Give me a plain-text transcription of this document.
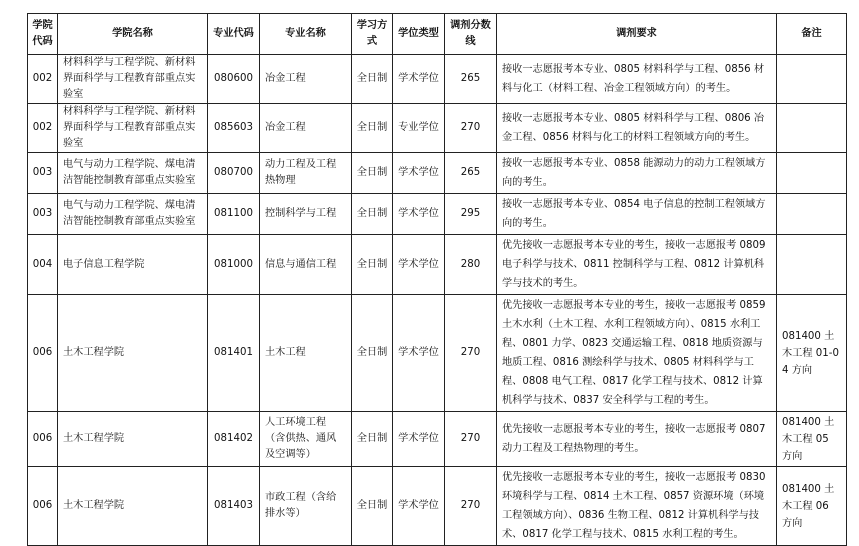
学院代码	学院名称	专业代码	专业名称	学习方式	学位类型	调剂分数线	调剂要求	备注
002	材料科学与工程学院、新材料界面科学与工程教育部重点实验室	080600	冶金工程	全日制	学术学位	265	接收一志愿报考本专业、0805 材料科学与工程、0856 材料与化工（材料工程、冶金工程领域方向）的考生。	
002	材料科学与工程学院、新材料界面科学与工程教育部重点实验室	085603	冶金工程	全日制	专业学位	270	接收一志愿报考本专业、0805 材料科学与工程、0806 冶金工程、0856 材料与化工的材料工程领域方向的考生。	
003	电气与动力工程学院、煤电清洁智能控制教育部重点实验室	080700	动力工程及工程热物理	全日制	学术学位	265	接收一志愿报考本专业、0858 能源动力的动力工程领域方向的考生。	
003	电气与动力工程学院、煤电清洁智能控制教育部重点实验室	081100	控制科学与工程	全日制	学术学位	295	接收一志愿报考本专业、0854 电子信息的控制工程领域方向的考生。	
004	电子信息工程学院	081000	信息与通信工程	全日制	学术学位	280	优先接收一志愿报考本专业的考生，接收一志愿报考 0809 电子科学与技术、0811 控制科学与工程、0812 计算机科学与技术的考生。	
006	土木工程学院	081401	土木工程	全日制	学术学位	270	优先接收一志愿报考本专业的考生，接收一志愿报考 0859 土木水利（土木工程、水利工程领域方向）、0815 水利工程、0801 力学、0823 交通运输工程、0818 地质资源与地质工程、0816 测绘科学与技术、0805 材料科学与工程、0808 电气工程、0817 化学工程与技术、0812 计算机科学与技术、0837 安全科学与工程的考生。	081400 土木工程 01-04 方向
006	土木工程学院	081402	人工环境工程（含供热、通风及空调等）	全日制	学术学位	270	优先接收一志愿报考本专业的考生，接收一志愿报考 0807 动力工程及工程热物理的考生。	081400 土木工程 05 方向
006	土木工程学院	081403	市政工程（含给排水等）	全日制	学术学位	270	优先接收一志愿报考本专业的考生，接收一志愿报考 0830 环境科学与工程、0814 土木工程、0857 资源环境（环境工程领域方向）、0836 生物工程、0812 计算机科学与技术、0817 化学工程与技术、0815 水利工程的考生。	081400 土木工程 06 方向
